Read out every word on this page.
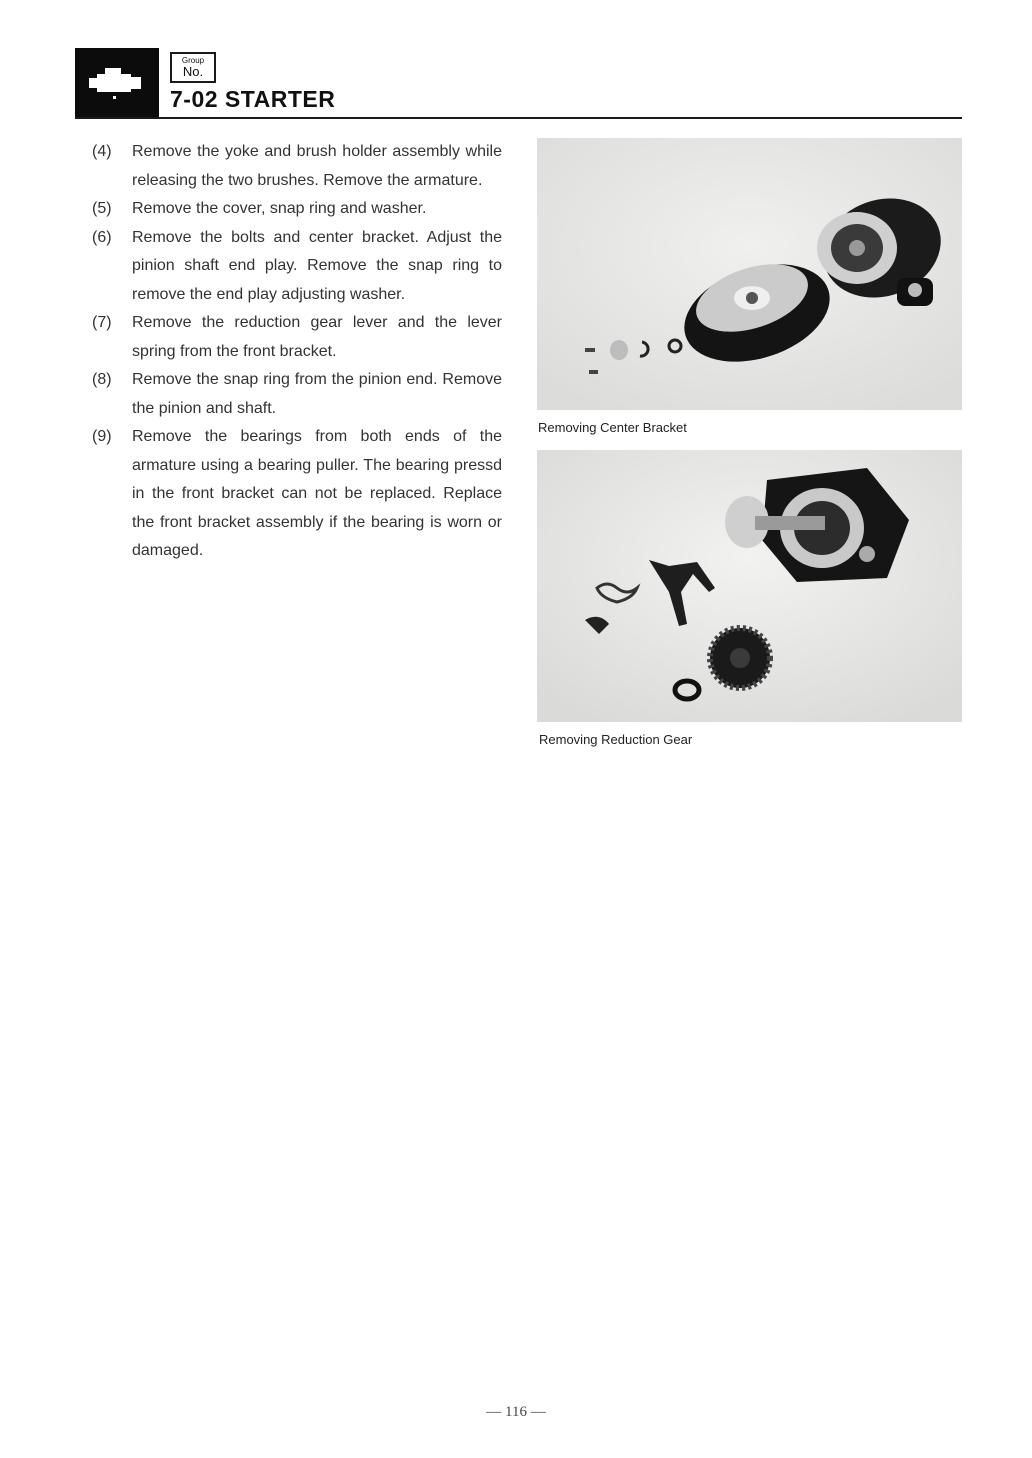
Group
No.
7-02 STARTER
(4)	Remove the yoke and brush holder assembly while releasing the two brushes. Remove the armature.
(5)	Remove the cover, snap ring and washer.
(6)	Remove the bolts and center bracket. Adjust the pinion shaft end play. Remove the snap ring to remove the end play adjusting washer.
(7)	Remove the reduction gear lever and the lever spring from the front bracket.
(8)	Remove the snap ring from the pinion end. Remove the pinion and shaft.
(9)	Remove the bearings from both ends of the armature using a bearing puller. The bearing pressd in the front bracket can not be replaced. Replace the front bracket assembly if the bearing is worn or damaged.
Removing Center Bracket
Removing Reduction Gear
— 116 —
